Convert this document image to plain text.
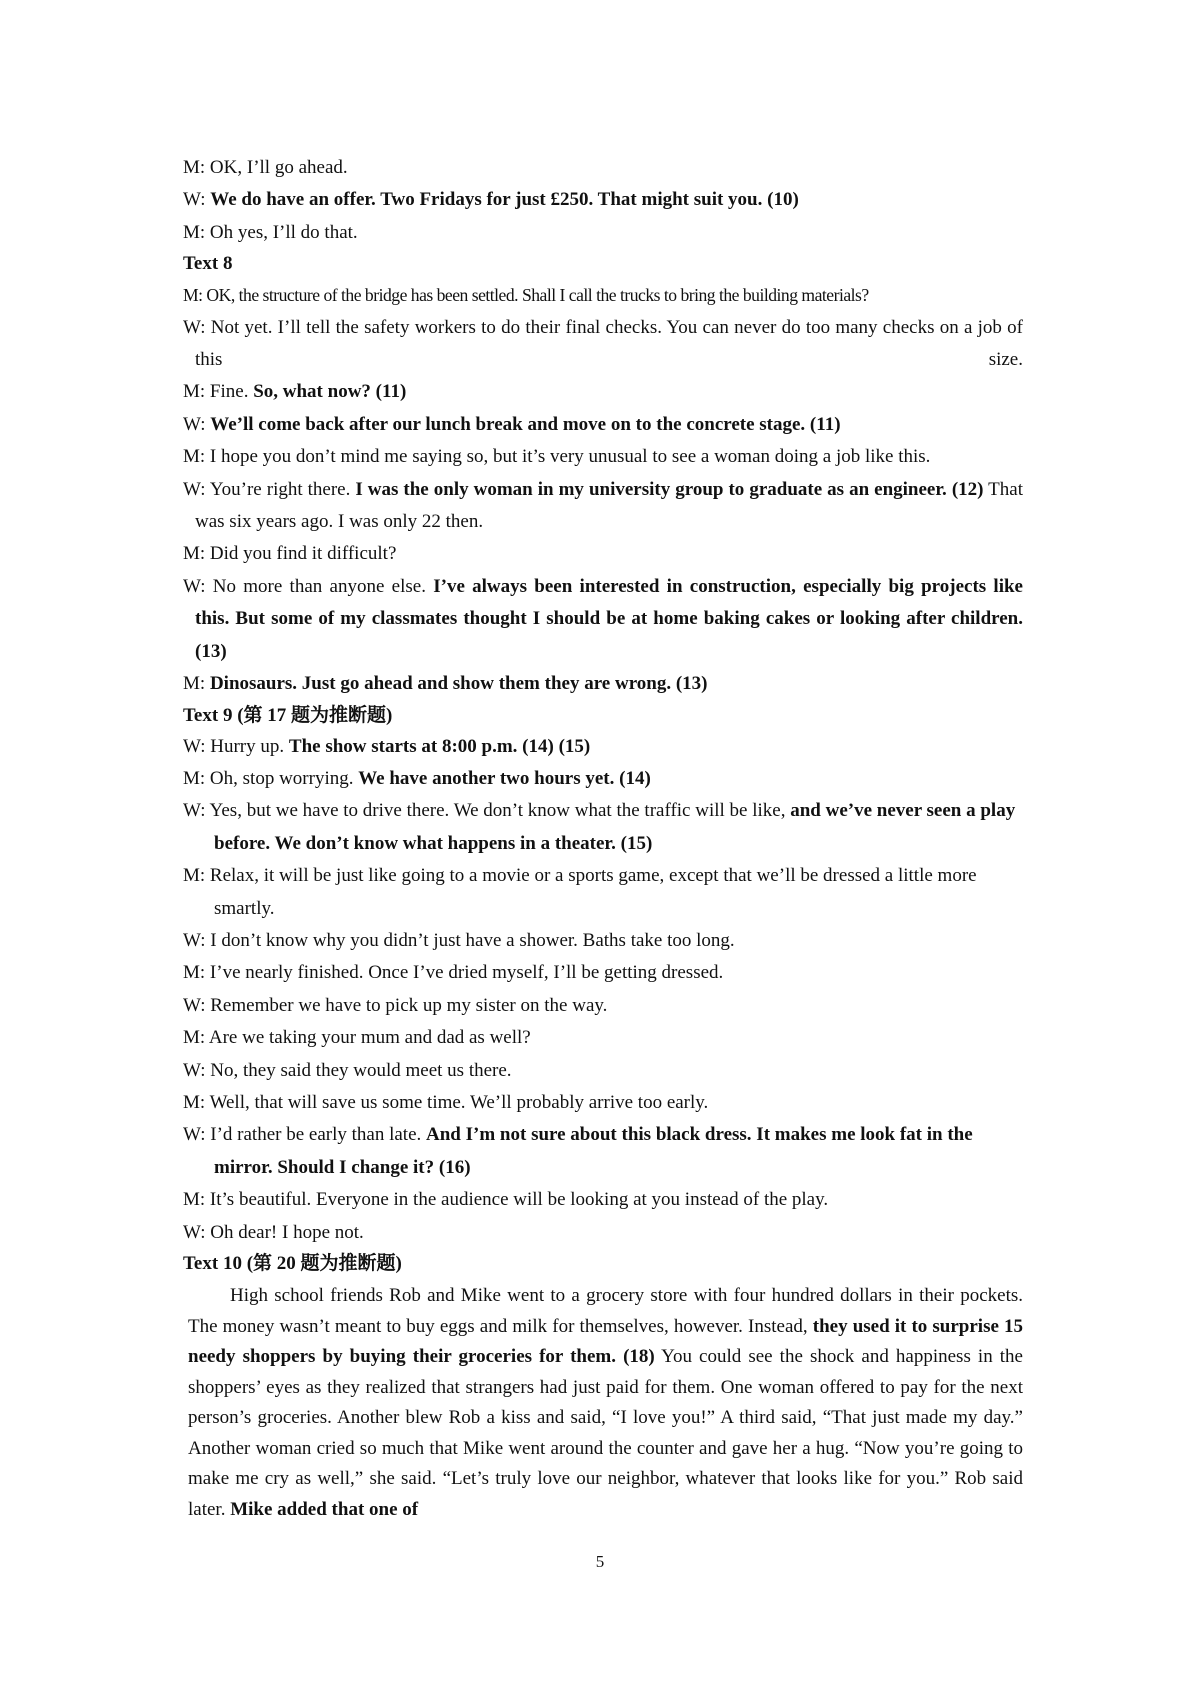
M: OK, I’ll go ahead.
W: We do have an offer. Two Fridays for just £250. That might suit you. (10)
M: Oh yes, I’ll do that.
Text 8
M: OK, the structure of the bridge has been settled. Shall I call the trucks to bring the building materials?
W: Not yet. I’ll tell the safety workers to do their final checks. You can never do too many checks on a job of this size.
M: Fine. So, what now? (11)
W: We’ll come back after our lunch break and move on to the concrete stage. (11)
M: I hope you don’t mind me saying so, but it’s very unusual to see a woman doing a job like this.
W: You’re right there. I was the only woman in my university group to graduate as an engineer. (12) That was six years ago. I was only 22 then.
M: Did you find it difficult?
W: No more than anyone else. I’ve always been interested in construction, especially big projects like this. But some of my classmates thought I should be at home baking cakes or looking after children. (13)
M: Dinosaurs. Just go ahead and show them they are wrong. (13)
Text 9 (第 17 题为推断题)
W: Hurry up. The show starts at 8:00 p.m. (14) (15)
M: Oh, stop worrying. We have another two hours yet. (14)
W: Yes, but we have to drive there. We don’t know what the traffic will be like, and we’ve never seen a play before. We don’t know what happens in a theater. (15)
M: Relax, it will be just like going to a movie or a sports game, except that we’ll be dressed a little more smartly.
W: I don’t know why you didn’t just have a shower. Baths take too long.
M: I’ve nearly finished. Once I’ve dried myself, I’ll be getting dressed.
W: Remember we have to pick up my sister on the way.
M: Are we taking your mum and dad as well?
W: No, they said they would meet us there.
M: Well, that will save us some time. We’ll probably arrive too early.
W: I’d rather be early than late. And I’m not sure about this black dress. It makes me look fat in the mirror. Should I change it? (16)
M: It’s beautiful. Everyone in the audience will be looking at you instead of the play.
W: Oh dear! I hope not.
Text 10 (第 20 题为推断题)
High school friends Rob and Mike went to a grocery store with four hundred dollars in their pockets. The money wasn’t meant to buy eggs and milk for themselves, however. Instead, they used it to surprise 15 needy shoppers by buying their groceries for them. (18) You could see the shock and happiness in the shoppers’ eyes as they realized that strangers had just paid for them. One woman offered to pay for the next person’s groceries. Another blew Rob a kiss and said, “I love you!” A third said, “That just made my day.” Another woman cried so much that Mike went around the counter and gave her a hug. “Now you’re going to make me cry as well,” she said. “Let’s truly love our neighbor, whatever that looks like for you.” Rob said later. Mike added that one of
5
